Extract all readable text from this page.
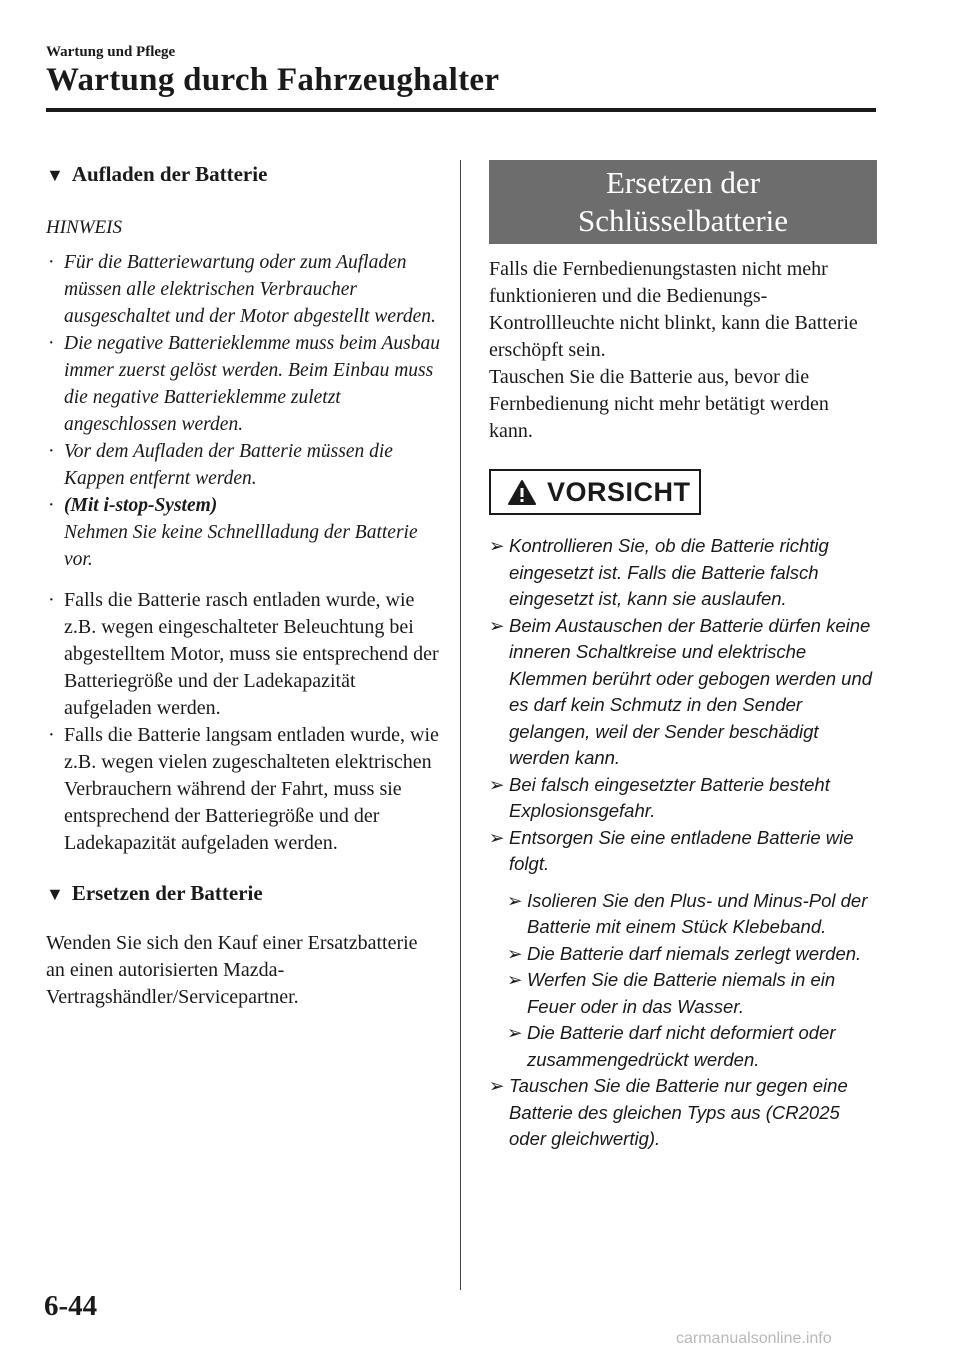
Wartung und Pflege
Wartung durch Fahrzeughalter
▼ Aufladen der Batterie
HINWEIS
· Für die Batteriewartung oder zum Aufladen müssen alle elektrischen Verbraucher ausgeschaltet und der Motor abgestellt werden.
· Die negative Batterieklemme muss beim Ausbau immer zuerst gelöst werden. Beim Einbau muss die negative Batterieklemme zuletzt angeschlossen werden.
· Vor dem Aufladen der Batterie müssen die Kappen entfernt werden.
· (Mit i-stop-System)
Nehmen Sie keine Schnellladung der Batterie vor.
· Falls die Batterie rasch entladen wurde, wie z.B. wegen eingeschalteter Beleuchtung bei abgestelltem Motor, muss sie entsprechend der Batteriegröße und der Ladekapazität aufgeladen werden.
· Falls die Batterie langsam entladen wurde, wie z.B. wegen vielen zugeschalteten elektrischen Verbrauchern während der Fahrt, muss sie entsprechend der Batteriegröße und der Ladekapazität aufgeladen werden.
▼ Ersetzen der Batterie

Wenden Sie sich den Kauf einer Ersatzbatterie an einen autorisierten Mazda-Vertragshändler/Servicepartner.

Ersetzen der
Schlüsselbatterie

Falls die Fernbedienungstasten nicht mehr funktionieren und die Bedienungs-Kontrollleuchte nicht blinkt, kann die Batterie erschöpft sein.

Tauschen Sie die Batterie aus, bevor die Fernbedienung nicht mehr betätigt werden kann.

VORSICHT
➢ Kontrollieren Sie, ob die Batterie richtig eingesetzt ist. Falls die Batterie falsch eingesetzt ist, kann sie auslaufen.
➢ Beim Austauschen der Batterie dürfen keine inneren Schaltkreise und elektrische Klemmen berührt oder gebogen werden und es darf kein Schmutz in den Sender gelangen, weil der Sender beschädigt werden kann.
➢ Bei falsch eingesetzter Batterie besteht Explosionsgefahr.
➢ Entsorgen Sie eine entladene Batterie wie folgt.
➢ Isolieren Sie den Plus- und Minus-Pol der Batterie mit einem Stück Klebeband.
➢ Die Batterie darf niemals zerlegt werden.
➢ Werfen Sie die Batterie niemals in ein Feuer oder in das Wasser.
➢ Die Batterie darf nicht deformiert oder zusammengedrückt werden.
➢ Tauschen Sie die Batterie nur gegen eine Batterie des gleichen Typs aus (CR2025 oder gleichwertig).
6-44
carmanualsonline.info
